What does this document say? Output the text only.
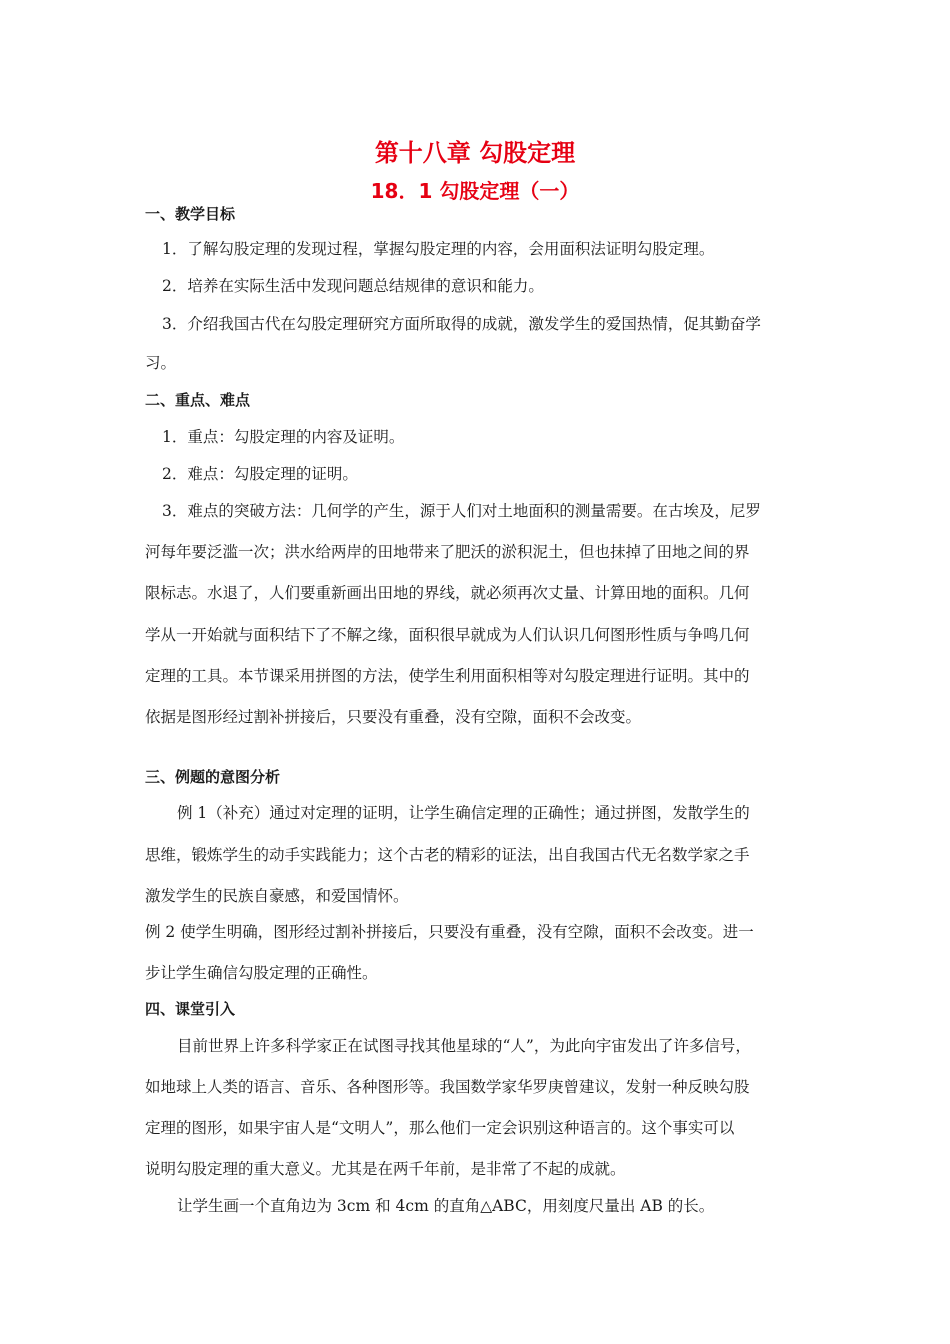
第十八章 勾股定理
18．1 勾股定理（一）
一、教学目标
1．了解勾股定理的发现过程，掌握勾股定理的内容，会用面积法证明勾股定理。
2．培养在实际生活中发现问题总结规律的意识和能力。
3．介绍我国古代在勾股定理研究方面所取得的成就，激发学生的爱国热情，促其勤奋学
习。
二、重点、难点
1．重点：勾股定理的内容及证明。
2．难点：勾股定理的证明。
3．难点的突破方法：几何学的产生，源于人们对土地面积的测量需要。在古埃及，尼罗
河每年要泛滥一次；洪水给两岸的田地带来了肥沃的淤积泥土，但也抹掉了田地之间的界
限标志。水退了，人们要重新画出田地的界线，就必须再次丈量、计算田地的面积。几何
学从一开始就与面积结下了不解之缘，面积很早就成为人们认识几何图形性质与争鸣几何
定理的工具。本节课采用拼图的方法，使学生利用面积相等对勾股定理进行证明。其中的
依据是图形经过割补拼接后，只要没有重叠，没有空隙，面积不会改变。
三、例题的意图分析
例 1（补充）通过对定理的证明，让学生确信定理的正确性；通过拼图，发散学生的
思维，锻炼学生的动手实践能力；这个古老的精彩的证法，出自我国古代无名数学家之手
激发学生的民族自豪感，和爱国情怀。
例 2 使学生明确，图形经过割补拼接后，只要没有重叠，没有空隙，面积不会改变。进一
步让学生确信勾股定理的正确性。
四、课堂引入
目前世界上许多科学家正在试图寻找其他星球的“人”，为此向宇宙发出了许多信号，
如地球上人类的语言、音乐、各种图形等。我国数学家华罗庚曾建议，发射一种反映勾股
定理的图形，如果宇宙人是“文明人”，那么他们一定会识别这种语言的。这个事实可以
说明勾股定理的重大意义。尤其是在两千年前，是非常了不起的成就。
让学生画一个直角边为 3cm 和 4cm 的直角△ABC，用刻度尺量出 AB 的长。
